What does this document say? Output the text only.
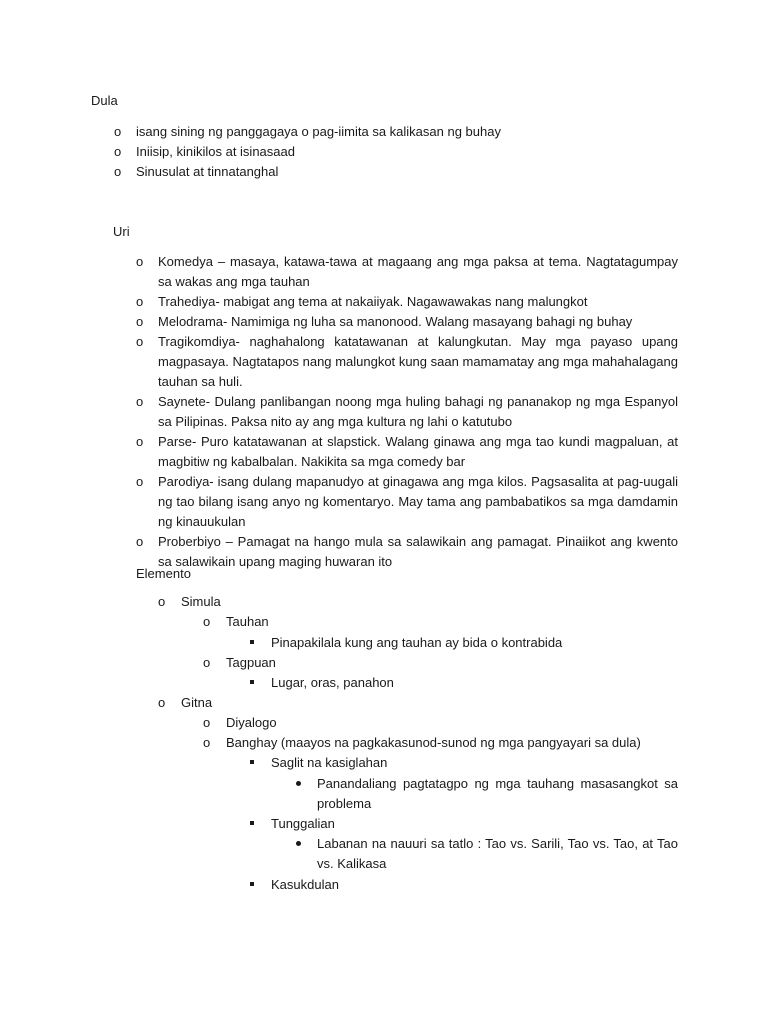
Dula
o isang sining ng panggagaya o pag-iimita sa kalikasan ng buhay
o Iniisip, kinikilos at isinasaad
o Sinusulat at tinnatanghal
Uri
o Komedya – masaya, katawa-tawa at magaang ang mga paksa at tema. Nagtatagumpay sa wakas ang mga tauhan
o Trahediya- mabigat ang tema at nakaiiyak. Nagawawakas nang malungkot
o Melodrama- Namimiga ng luha sa manonood. Walang masayang bahagi ng buhay
o Tragikomdiya- naghahalong katatawanan at kalungkutan. May mga payaso upang magpasaya. Nagtatapos nang malungkot kung saan mamamatay ang mga mahahalagang tauhan sa huli.
o Saynete- Dulang panlibangan noong mga huling bahagi ng pananakop ng mga Espanyol sa Pilipinas. Paksa nito ay ang mga kultura ng lahi o katutubo
o Parse- Puro katatawanan at slapstick. Walang ginawa ang mga tao kundi magpaluan, at magbitiw ng kabalbalan. Nakikita sa mga comedy bar
o Parodiya- isang dulang mapanudyo at ginagawa ang mga kilos. Pagsasalita at pag-uugali ng tao bilang isang anyo ng komentaryo. May tama ang pambabatikos sa mga damdamin ng kinauukulan
o Proberbiyo – Pamagat na hango mula sa salawikain ang pamagat. Pinaiikot ang kwento sa salawikain upang maging huwaran ito
Elemento
o Simula
o Tauhan
Pinapakilala kung ang tauhan ay bida o kontrabida
o Tagpuan
Lugar, oras, panahon
o Gitna
o Diyalogo
o Banghay (maayos na pagkakasunod-sunod ng mga pangyayari sa dula)
Saglit na kasiglahan
Panandaliang pagtatagpo ng mga tauhang masasangkot sa problema
Tunggalian
Labanan na nauuri sa tatlo : Tao vs. Sarili, Tao vs. Tao, at Tao vs. Kalikasa
Kasukdulan
